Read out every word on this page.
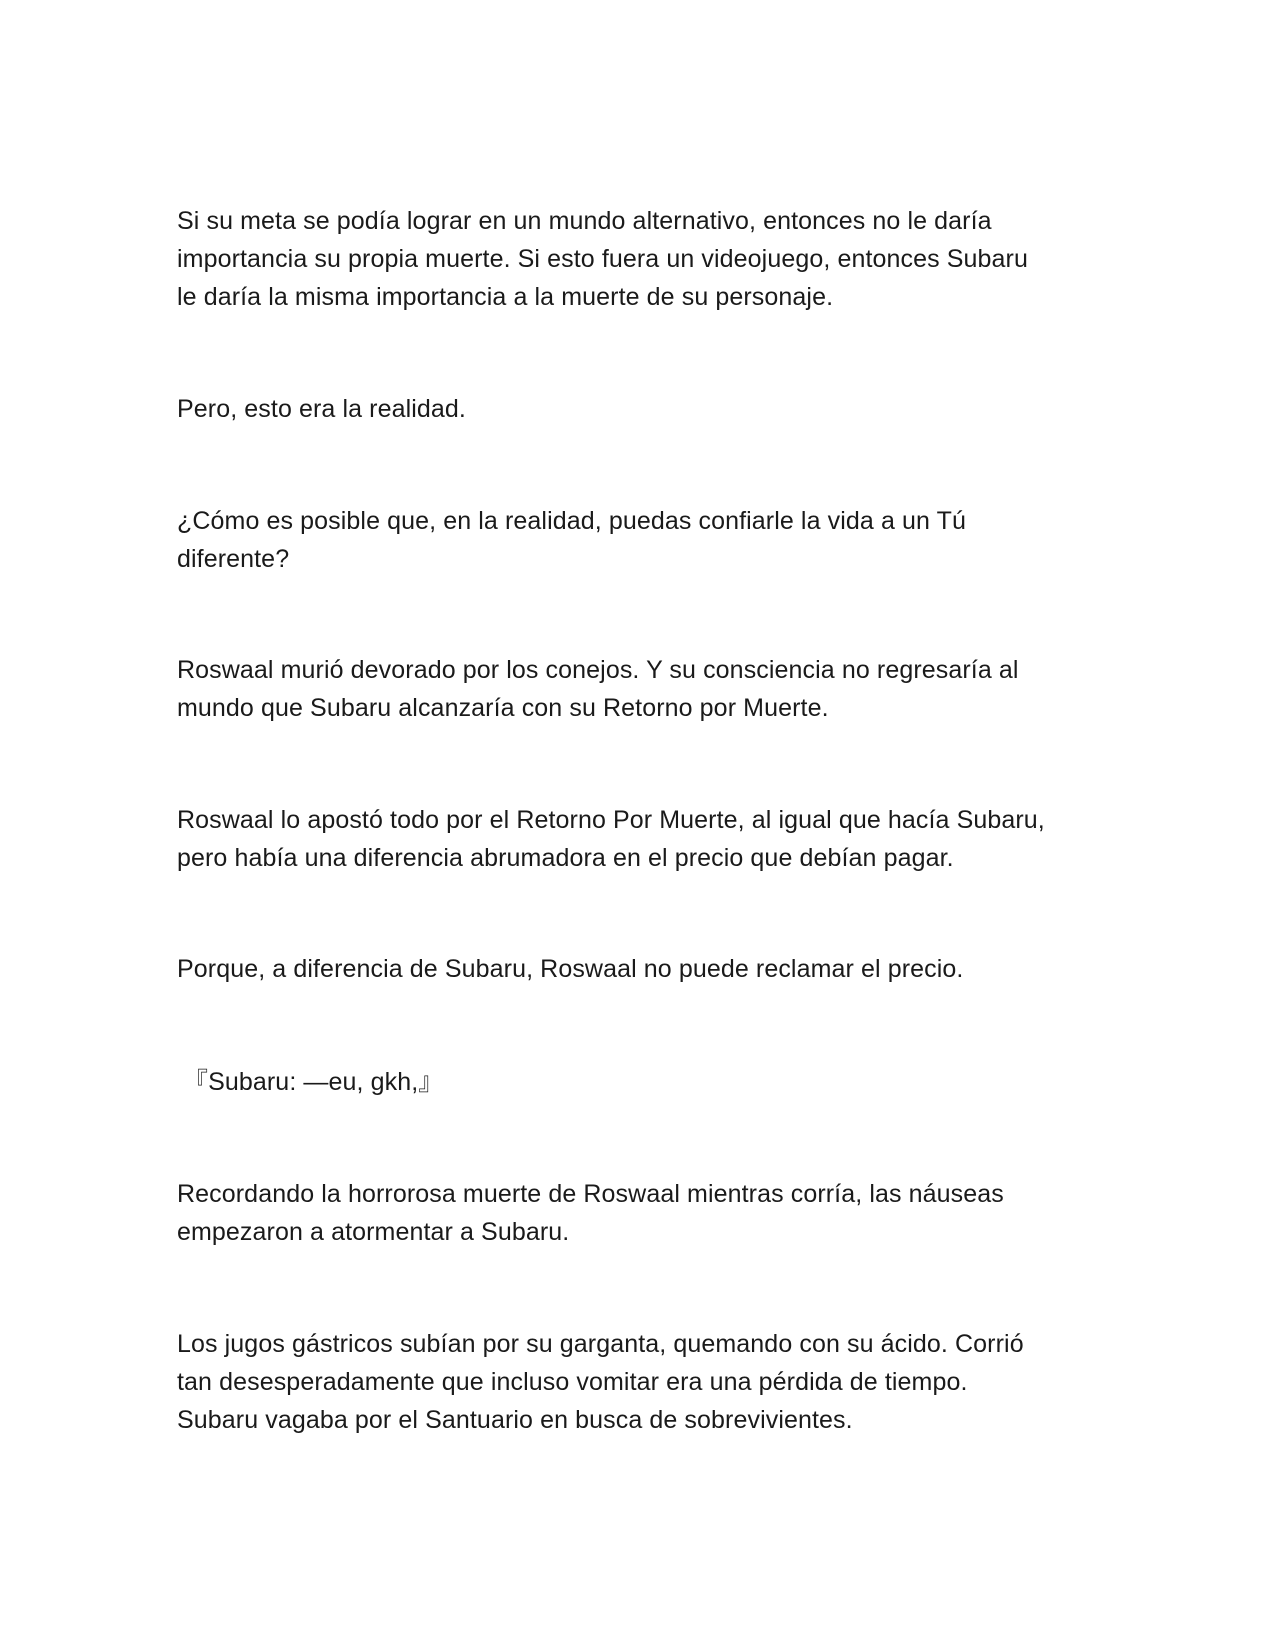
Si su meta se podía lograr en un mundo alternativo, entonces no le daría
importancia su propia muerte. Si esto fuera un videojuego, entonces Subaru
le daría la misma importancia a la muerte de su personaje.

Pero, esto era la realidad.

¿Cómo es posible que, en la realidad, puedas confiarle la vida a un Tú
diferente?

Roswaal murió devorado por los conejos. Y su consciencia no regresaría al
mundo que Subaru alcanzaría con su Retorno por Muerte.

Roswaal lo apostó todo por el Retorno Por Muerte, al igual que hacía Subaru,
pero había una diferencia abrumadora en el precio que debían pagar.

Porque, a diferencia de Subaru, Roswaal no puede reclamar el precio.

『Subaru: —eu, gkh,』

Recordando la horrorosa muerte de Roswaal mientras corría, las náuseas
empezaron a atormentar a Subaru.

Los jugos gástricos subían por su garganta, quemando con su ácido. Corrió
tan desesperadamente que incluso vomitar era una pérdida de tiempo.
Subaru vagaba por el Santuario en busca de sobrevivientes.
